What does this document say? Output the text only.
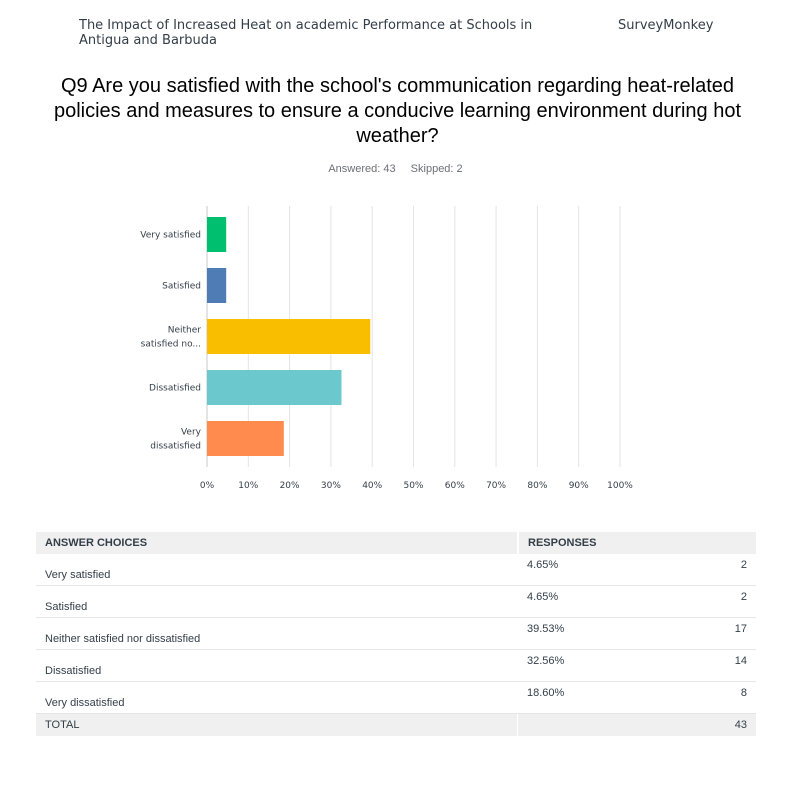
The Impact of Increased Heat on academic Performance at Schools in Antigua and Barbuda
SurveyMonkey
Q9 Are you satisfied with the school's communication regarding heat-related policies and measures to ensure a conducive learning environment during hot weather?
Answered: 43 Skipped: 2
0%	10% 20% 30% 40% 50% 60% 70% 80% 90% 100%
Very satisfied
Satisfied
Neither
satisfied no...
Dissatisfied
Very
dissatisfied
ANSWER CHOICES	RESPONSES	
Very satisfied	4.65%	2
Satisfied	4.65%	2
Neither satisfied nor dissatisfied	39.53%	17
Dissatisfied	32.56%	14
Very dissatisfied	18.60%	8
TOTAL		43
